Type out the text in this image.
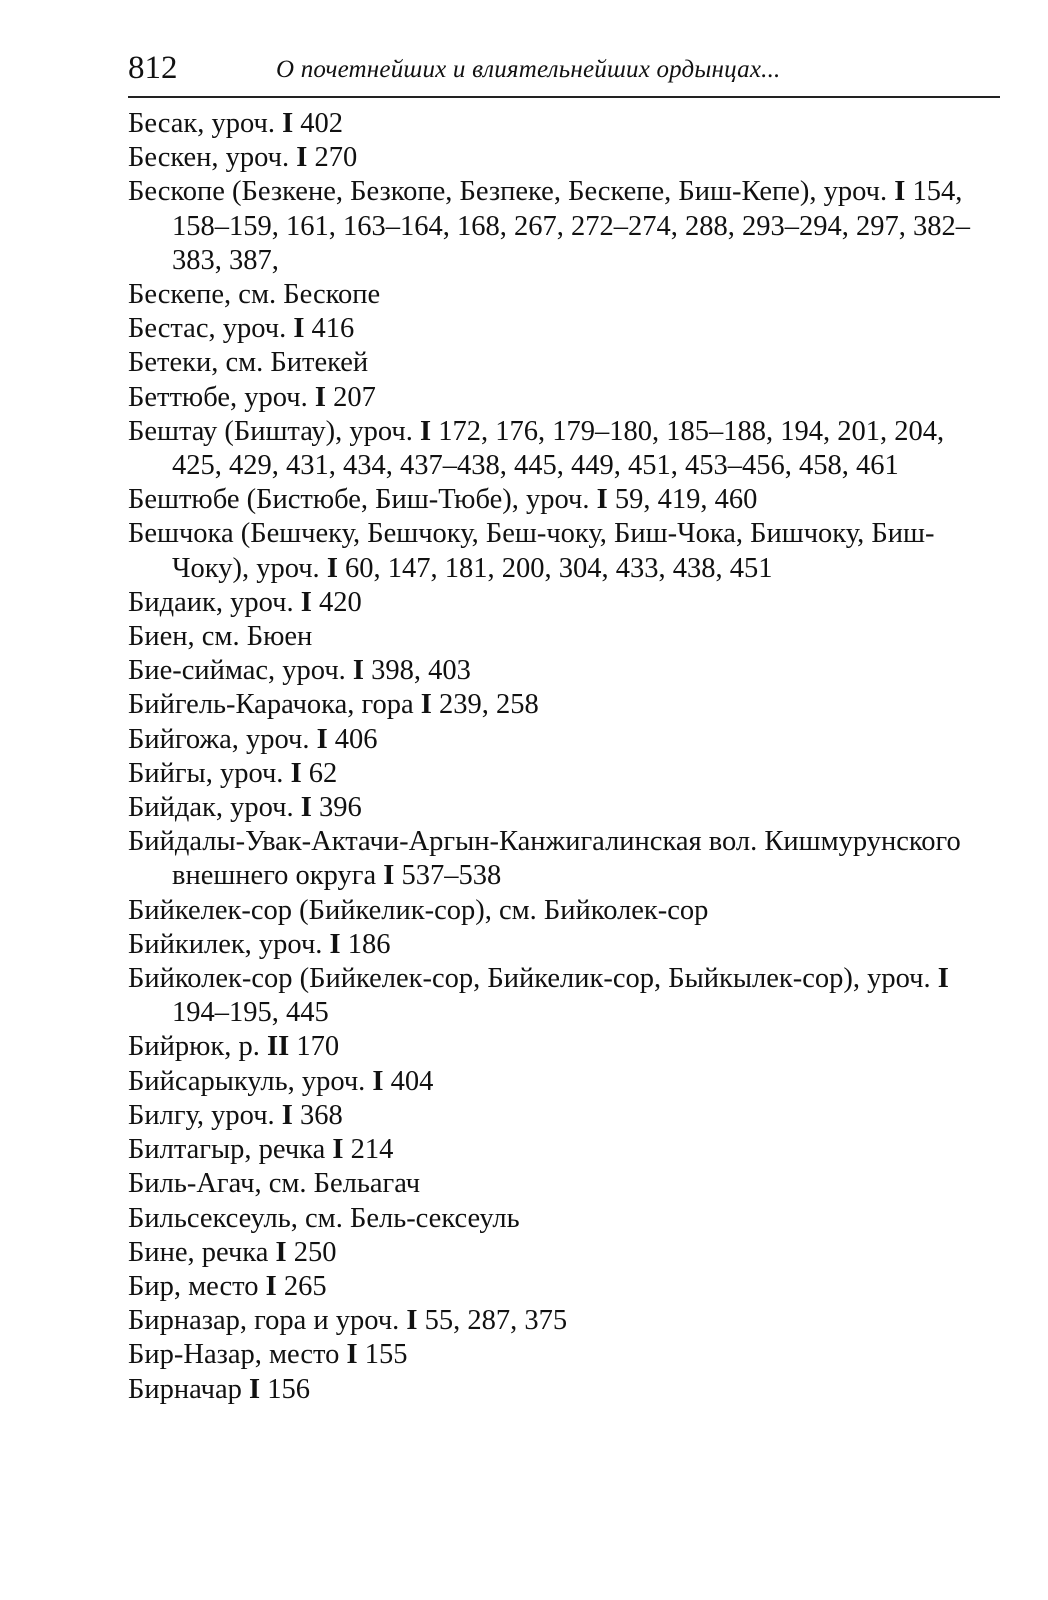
812	О почетнейших и влиятельнейших ордынцах...
Бесак, уроч. I 402
Бескен, уроч. I 270
Бескопе (Безкене, Безкопе, Безпеке, Бескепе, Биш-Кепе), уроч. I 154, 158–159, 161, 163–164, 168, 267, 272–274, 288, 293–294, 297, 382–383, 387,
Бескепе, см. Бескопе
Бестас, уроч. I 416
Бетеки, см. Битекей
Беттюбе, уроч. I 207
Бештау (Биштау), уроч. I 172, 176, 179–180, 185–188, 194, 201, 204, 425, 429, 431, 434, 437–438, 445, 449, 451, 453–456, 458, 461
Бештюбе (Бистюбе, Биш-Тюбе), уроч. I 59, 419, 460
Бешчока (Бешчеку, Бешчоку, Беш-чоку, Биш-Чока, Бишчоку, Биш-Чоку), уроч. I 60, 147, 181, 200, 304, 433, 438, 451
Бидаик, уроч. I 420
Биен, см. Бюен
Бие-сиймас, уроч. I 398, 403
Бийгель-Карачока, гора I 239, 258
Бийгожа, уроч. I 406
Бийгы, уроч. I 62
Бийдак, уроч. I 396
Бийдалы-Увак-Актачи-Аргын-Канжигалинская вол. Кишмурунского внешнего округа I 537–538
Бийкелек-сор (Бийкелик-сор), см. Бийколек-сор
Бийкилек, уроч. I 186
Бийколек-сор (Бийкелек-сор, Бийкелик-сор, Быйкылек-сор), уроч. I 194–195, 445
Бийрюк, р. II 170
Бийсарыкуль, уроч. I 404
Билгу, уроч. I 368
Билтагыр, речка I 214
Биль-Агач, см. Бельагач
Бильсексеуль, см. Бель-сексеуль
Бине, речка I 250
Бир, место I 265
Бирназар, гора и уроч. I 55, 287, 375
Бир-Назар, место I 155
Бирначар I 156
